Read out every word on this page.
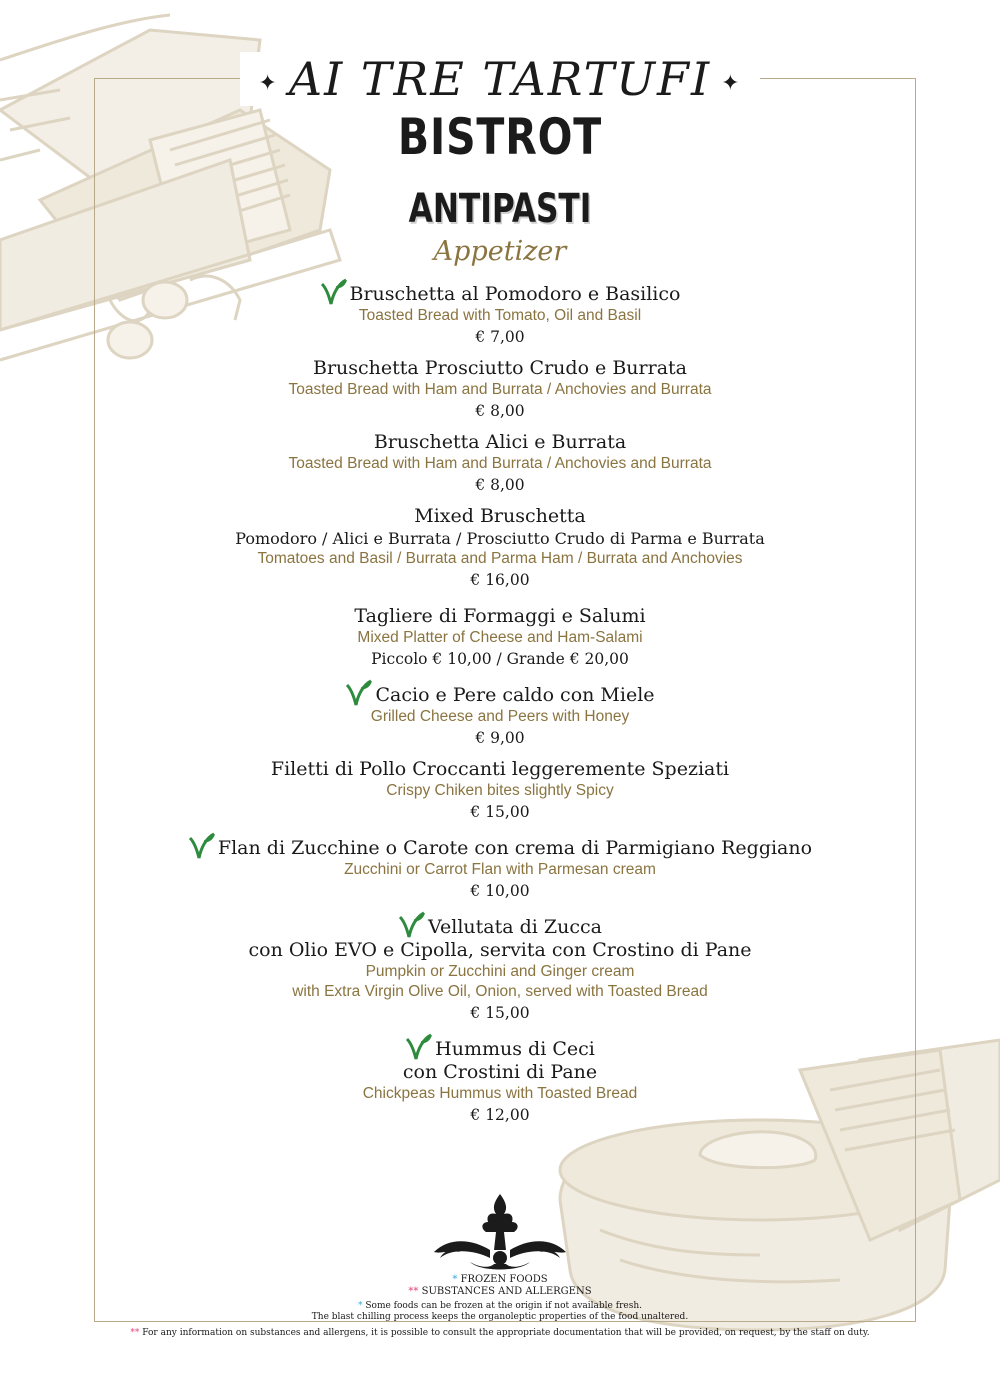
✦ AI TRE TARTUFI ✦
BISTROT
ANTIPASTI
Appetizer
Bruschetta al Pomodoro e Basilico
Toasted Bread with Tomato, Oil and Basil
€ 7,00
Bruschetta Prosciutto Crudo e Burrata
Toasted Bread with Ham and Burrata / Anchovies and Burrata
€ 8,00
Bruschetta Alici e Burrata
Toasted Bread with Ham and Burrata / Anchovies and Burrata
€ 8,00
Mixed Bruschetta
Pomodoro / Alici e Burrata / Prosciutto Crudo di Parma e Burrata
Tomatoes and Basil / Burrata and Parma Ham / Burrata and Anchovies
€ 16,00
Tagliere di Formaggi e Salumi
Mixed Platter of Cheese and Ham-Salami
Piccolo € 10,00 / Grande € 20,00
Cacio e Pere caldo con Miele
Grilled Cheese and Peers with Honey
€ 9,00
Filetti di Pollo Croccanti leggeremente Speziati
Crispy Chiken bites slightly Spicy
€ 15,00
Flan di Zucchine o Carote con crema di Parmigiano Reggiano
Zucchini or Carrot Flan with Parmesan cream
€ 10,00
Vellutata di Zucca
con Olio EVO e Cipolla, servita con Crostino di Pane
Pumpkin or Zucchini and Ginger cream
with Extra Virgin Olive Oil, Onion, served with Toasted Bread
€ 15,00
Hummus di Ceci
con Crostini di Pane
Chickpeas Hummus with Toasted Bread
€ 12,00
* FROZEN FOODS
** SUBSTANCES AND ALLERGENS
* Some foods can be frozen at the origin if not available fresh.
The blast chilling process keeps the organoleptic properties of the food unaltered.
** For any information on substances and allergens, it is possible to consult the appropriate documentation that will be provided, on request, by the staff on duty.
